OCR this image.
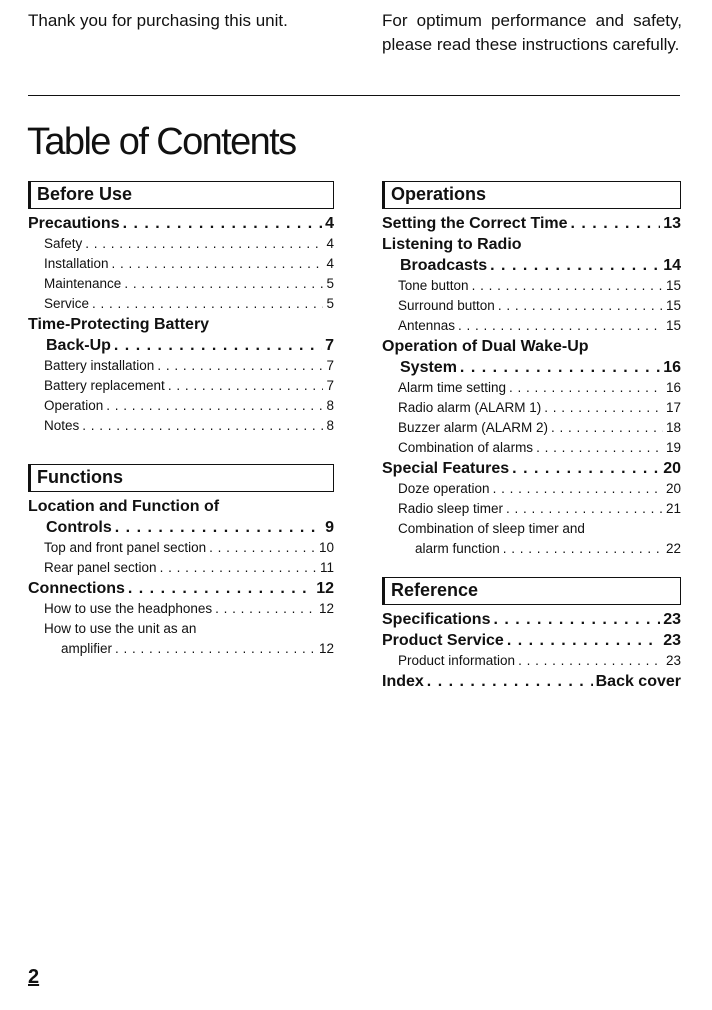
Thank you for purchasing this unit.	For optimum performance and safety, please read these instructions carefully.
Table of Contents
Before Use
Precautions . . .	4
Safety . . .	4
Installation . . .	4
Maintenance . . .	5
Service . . .	5
Time-Protecting Battery
Back-Up . . .	7
Battery installation . . .	7
Battery replacement . . .	7
Operation . . .	8
Notes . . .	8
Functions
Location and Function of
Controls . . .	9
Top and front panel section . . .	10
Rear panel section . . .	11
Connections . . .	12
How to use the headphones . . .	12
How to use the unit as an
amplifier . . .	12
Operations
Setting the Correct Time . . .	13
Listening to Radio
Broadcasts . . .	14
Tone button . . .	15
Surround button . . .	15
Antennas . . .	15
Operation of Dual Wake-Up
System . . .	16
Alarm time setting . . .	16
Radio alarm (ALARM 1) . . .	17
Buzzer alarm (ALARM 2) . . .	18
Combination of alarms . . .	19
Special Features . . .	20
Doze operation . . .	20
Radio sleep timer . . .	21
Combination of sleep timer and
alarm function . . .	22
Reference
Specifications . . .	23
Product Service . . .	23
Product information . . .	23
Index . . .	Back cover
2
